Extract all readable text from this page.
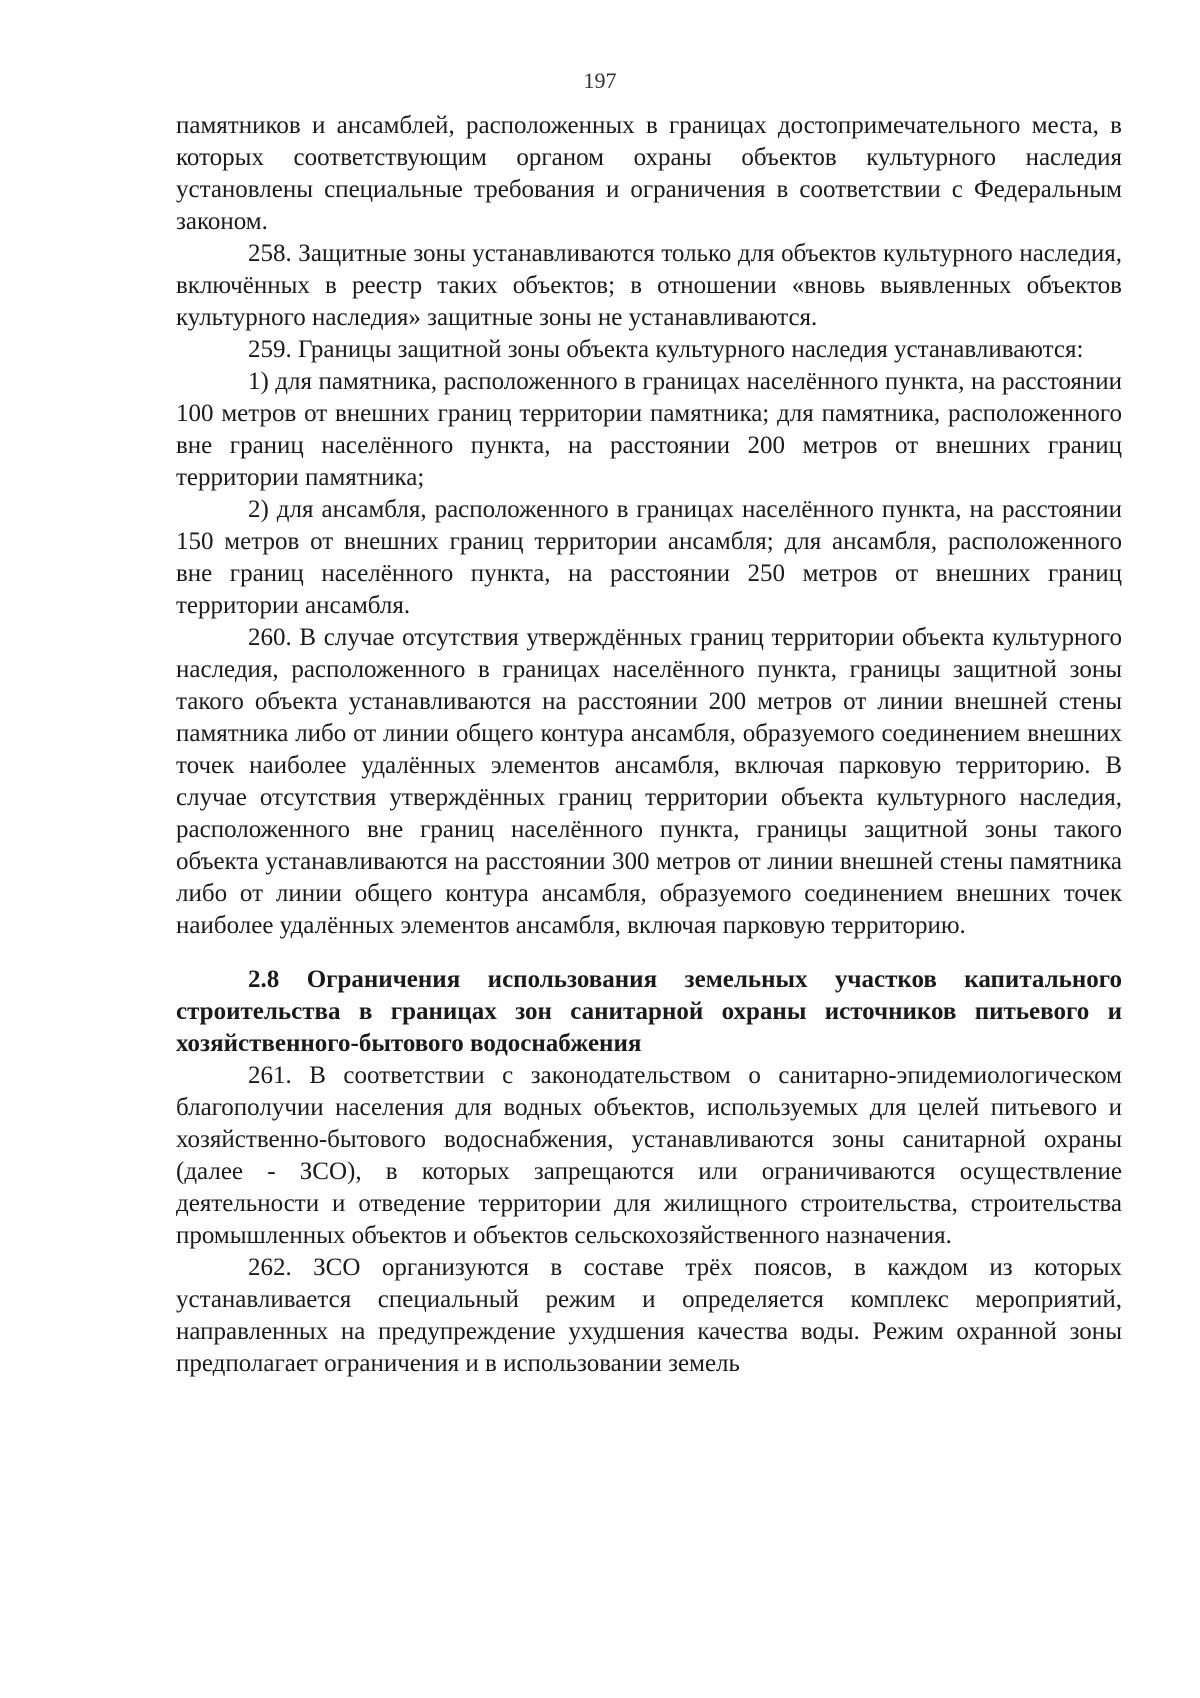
197

памятников и ансамблей, расположенных в границах достопримечательного места, в которых соответствующим органом охраны объектов культурного наследия установлены специальные требования и ограничения в соответствии с Федеральным законом.

258. Защитные зоны устанавливаются только для объектов культурного наследия, включённых в реестр таких объектов; в отношении «вновь выявленных объектов культурного наследия» защитные зоны не устанавливаются.

259. Границы защитной зоны объекта культурного наследия устанавливаются:

1) для памятника, расположенного в границах населённого пункта, на расстоянии 100 метров от внешних границ территории памятника; для памятника, расположенного вне границ населённого пункта, на расстоянии 200 метров от внешних границ территории памятника;

2) для ансамбля, расположенного в границах населённого пункта, на расстоянии 150 метров от внешних границ территории ансамбля; для ансамбля, расположенного вне границ населённого пункта, на расстоянии 250 метров от внешних границ территории ансамбля.

260. В случае отсутствия утверждённых границ территории объекта культурного наследия, расположенного в границах населённого пункта, границы защитной зоны такого объекта устанавливаются на расстоянии 200 метров от линии внешней стены памятника либо от линии общего контура ансамбля, образуемого соединением внешних точек наиболее удалённых элементов ансамбля, включая парковую территорию. В случае отсутствия утверждённых границ территории объекта культурного наследия, расположенного вне границ населённого пункта, границы защитной зоны такого объекта устанавливаются на расстоянии 300 метров от линии внешней стены памятника либо от линии общего контура ансамбля, образуемого соединением внешних точек наиболее удалённых элементов ансамбля, включая парковую территорию.

2.8 Ограничения использования земельных участков капитального строительства в границах зон санитарной охраны источников питьевого и хозяйственного-бытового водоснабжения

261. В соответствии с законодательством о санитарно-эпидемиологическом благополучии населения для водных объектов, используемых для целей питьевого и хозяйственно-бытового водоснабжения, устанавливаются зоны санитарной охраны (далее - ЗСО), в которых запрещаются или ограничиваются осуществление деятельности и отведение территории для жилищного строительства, строительства промышленных объектов и объектов сельскохозяйственного назначения.

262. ЗСО организуются в составе трёх поясов, в каждом из которых устанавливается специальный режим и определяется комплекс мероприятий, направленных на предупреждение ухудшения качества воды. Режим охранной зоны предполагает ограничения и в использовании земель
